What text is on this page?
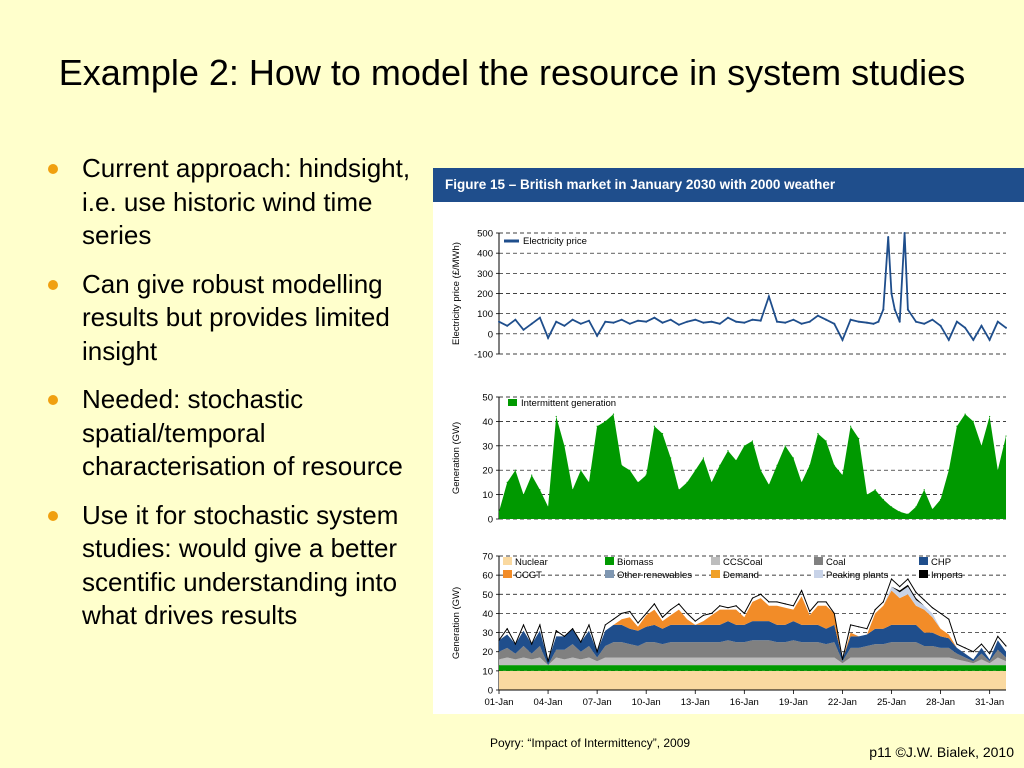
Example 2: How to model the resource in system studies
Current approach: hindsight, i.e. use historic wind time series
Can give robust modelling results but provides limited insight
Needed: stochastic spatial/temporal characterisation of resource
Use it for stochastic system studies: would give a better scentific understanding into what drives results
Figure 15 – British market in January 2030 with 2000 weather
-100
0
100
200
300
400
500
Electricity price (£/MWh)
Electricity price
0
10
20
30
40
50
Generation (GW)
Intermittent generation
0
10
20
30
40
50
60
70
Generation (GW)
Nuclear	Biomass	CCSCoal	Coal	CHP
CCGT	Other renewables	Demand	Peaking plants	Imports
01-Jan 04-Jan 07-Jan 10-Jan 13-Jan 16-Jan 19-Jan 22-Jan 25-Jan 28-Jan 31-Jan
Poyry: “Impact of Intermittency”, 2009
p11 ©J.W. Bialek, 2010
